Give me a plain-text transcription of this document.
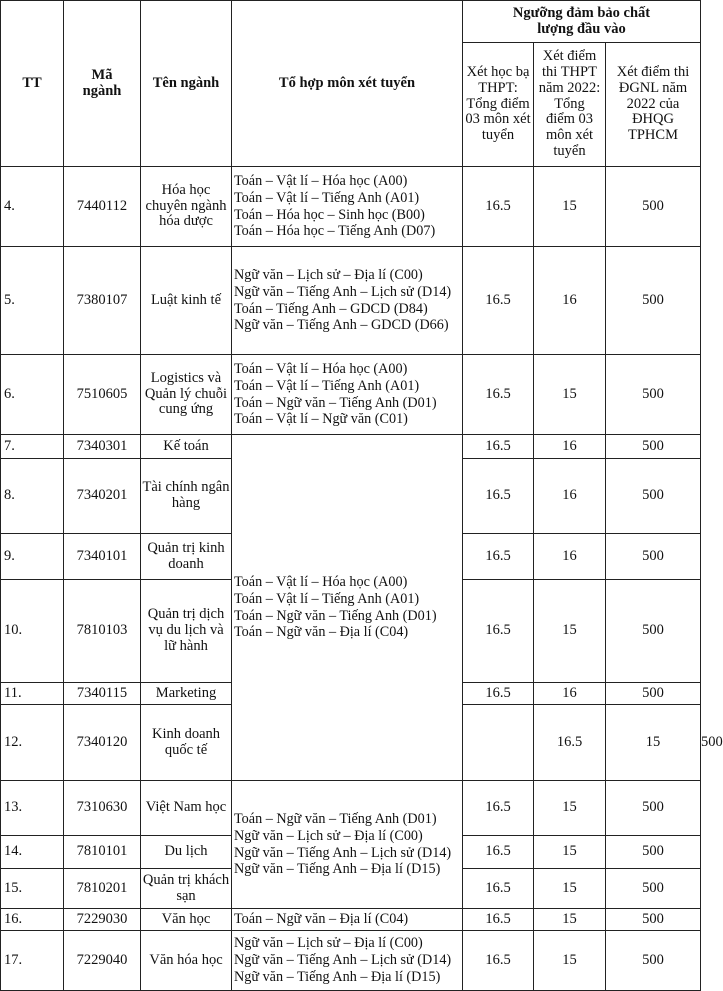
TT	Mã ngành	Tên ngành	Tổ hợp môn xét tuyển	Ngưỡng đảm bảo chất lượng đầu vào			

				Xét học bạ THPT: Tổng điểm 03 môn xét tuyển	Xét điểm thi THPT năm 2022: Tổng điểm 03 môn xét tuyển	Xét điểm thi ĐGNL năm 2022 của ĐHQG TPHCM	

4.	7440112	Hóa học chuyên ngành hóa dược	Toán – Vật lí – Hóa học (A00)
Toán – Vật lí – Tiếng Anh (A01)
Toán – Hóa học – Sinh học (B00)
Toán – Hóa học – Tiếng Anh (D07)	16.5	15	500	
5.	7380107	Luật kinh tế	Ngữ văn – Lịch sử – Địa lí (C00)
Ngữ văn – Tiếng Anh – Lịch sử (D14)
Toán – Tiếng Anh – GDCD (D84)
Ngữ văn – Tiếng Anh – GDCD (D66)	16.5	16	500	
6.	7510605	Logistics và Quản lý chuỗi cung ứng	Toán – Vật lí – Hóa học (A00)
Toán – Vật lí – Tiếng Anh (A01)
Toán – Ngữ văn – Tiếng Anh (D01)
Toán – Vật lí – Ngữ văn (C01)	16.5	15	500	
7.	7340301	Kế toán	Toán – Vật lí – Hóa học (A00)
Toán – Vật lí – Tiếng Anh (A01)
Toán – Ngữ văn – Tiếng Anh (D01)
Toán – Ngữ văn – Địa lí (C04)	16.5	16	500	
8.	7340201	Tài chính ngân hàng		16.5	16	500	
9.	7340101	Quản trị kinh doanh		16.5	16	500	
10.	7810103	Quản trị dịch vụ du lịch và lữ hành		16.5	15	500	
11.	7340115	Marketing		16.5	16	500	
12.	7340120	Kinh doanh quốc tế			16.5	15	500
13.	7310630	Việt Nam học	Toán – Ngữ văn – Tiếng Anh (D01)
Ngữ văn – Lịch sử – Địa lí (C00)
Ngữ văn – Tiếng Anh – Lịch sử (D14)
Ngữ văn – Tiếng Anh – Địa lí (D15)	16.5	15	500	
14.	7810101	Du lịch		16.5	15	500	
15.	7810201	Quản trị khách sạn		16.5	15	500	
16.	7229030	Văn học	Toán – Ngữ văn – Địa lí (C04)	16.5	15	500	
17.	7229040	Văn hóa học	Ngữ văn – Lịch sử – Địa lí (C00)
Ngữ văn – Tiếng Anh – Lịch sử (D14)
Ngữ văn – Tiếng Anh – Địa lí (D15)	16.5	15	500	
